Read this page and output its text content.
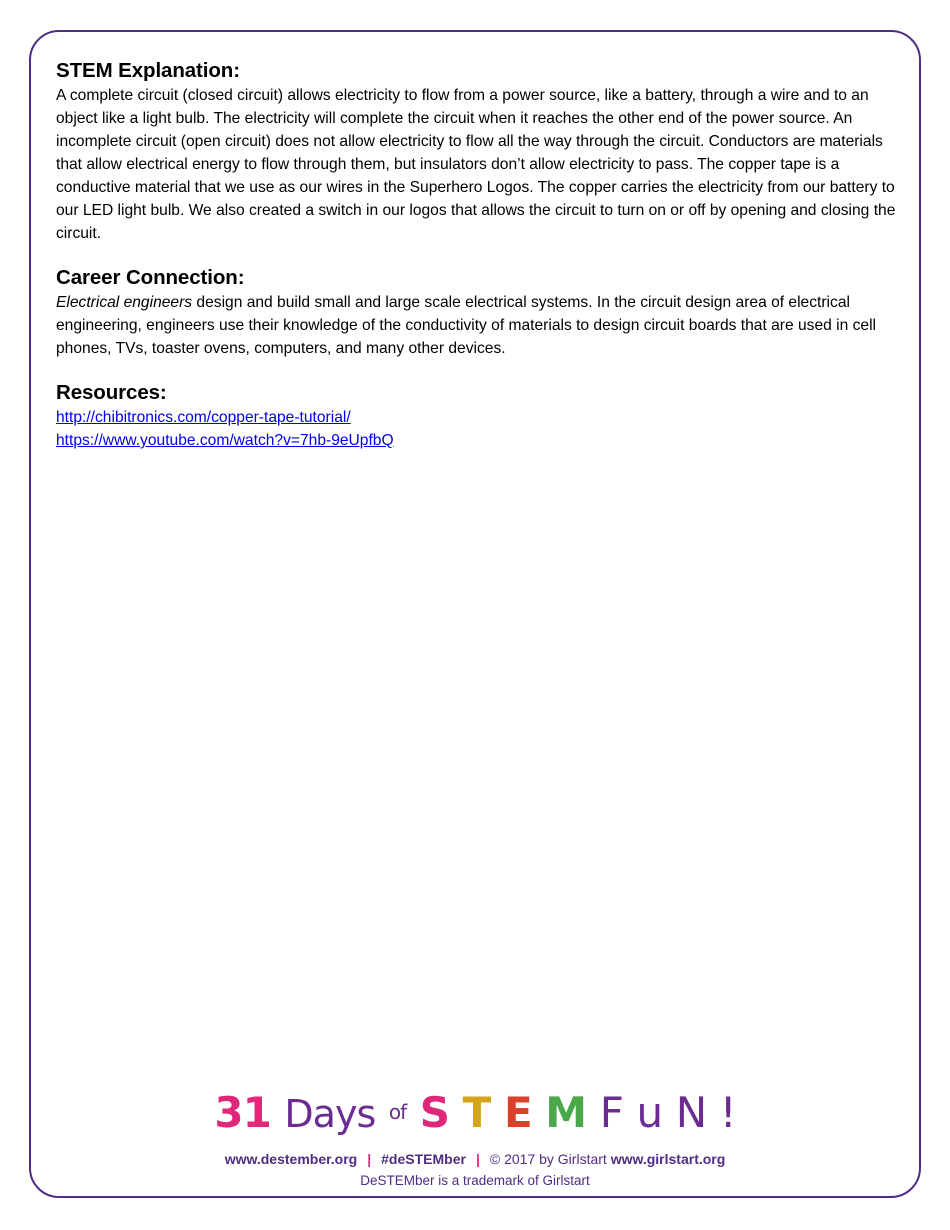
STEM Explanation:

A complete circuit (closed circuit) allows electricity to flow from a power source, like a battery, through a wire and to an object like a light bulb. The electricity will complete the circuit when it reaches the other end of the power source. An incomplete circuit (open circuit) does not allow electricity to flow all the way through the circuit. Conductors are materials that allow electrical energy to flow through them, but insulators don’t allow electricity to pass. The copper tape is a conductive material that we use as our wires in the Superhero Logos. The copper carries the electricity from our battery to our LED light bulb. We also created a switch in our logos that allows the circuit to turn on or off by opening and closing the circuit.

Career Connection:

Electrical engineers design and build small and large scale electrical systems. In the circuit design area of electrical engineering, engineers use their knowledge of the conductivity of materials to design circuit boards that are used in cell phones, TVs, toaster ovens, computers, and many other devices.

Resources:
http://chibitronics.com/copper-tape-tutorial/
https://www.youtube.com/watch?v=7hb-9eUpfbQ
31 Days of S T E M F u N !
www.destember.org | #deSTEMber | © 2017 by Girlstart www.girlstart.org
DeSTEMber is a trademark of Girlstart
